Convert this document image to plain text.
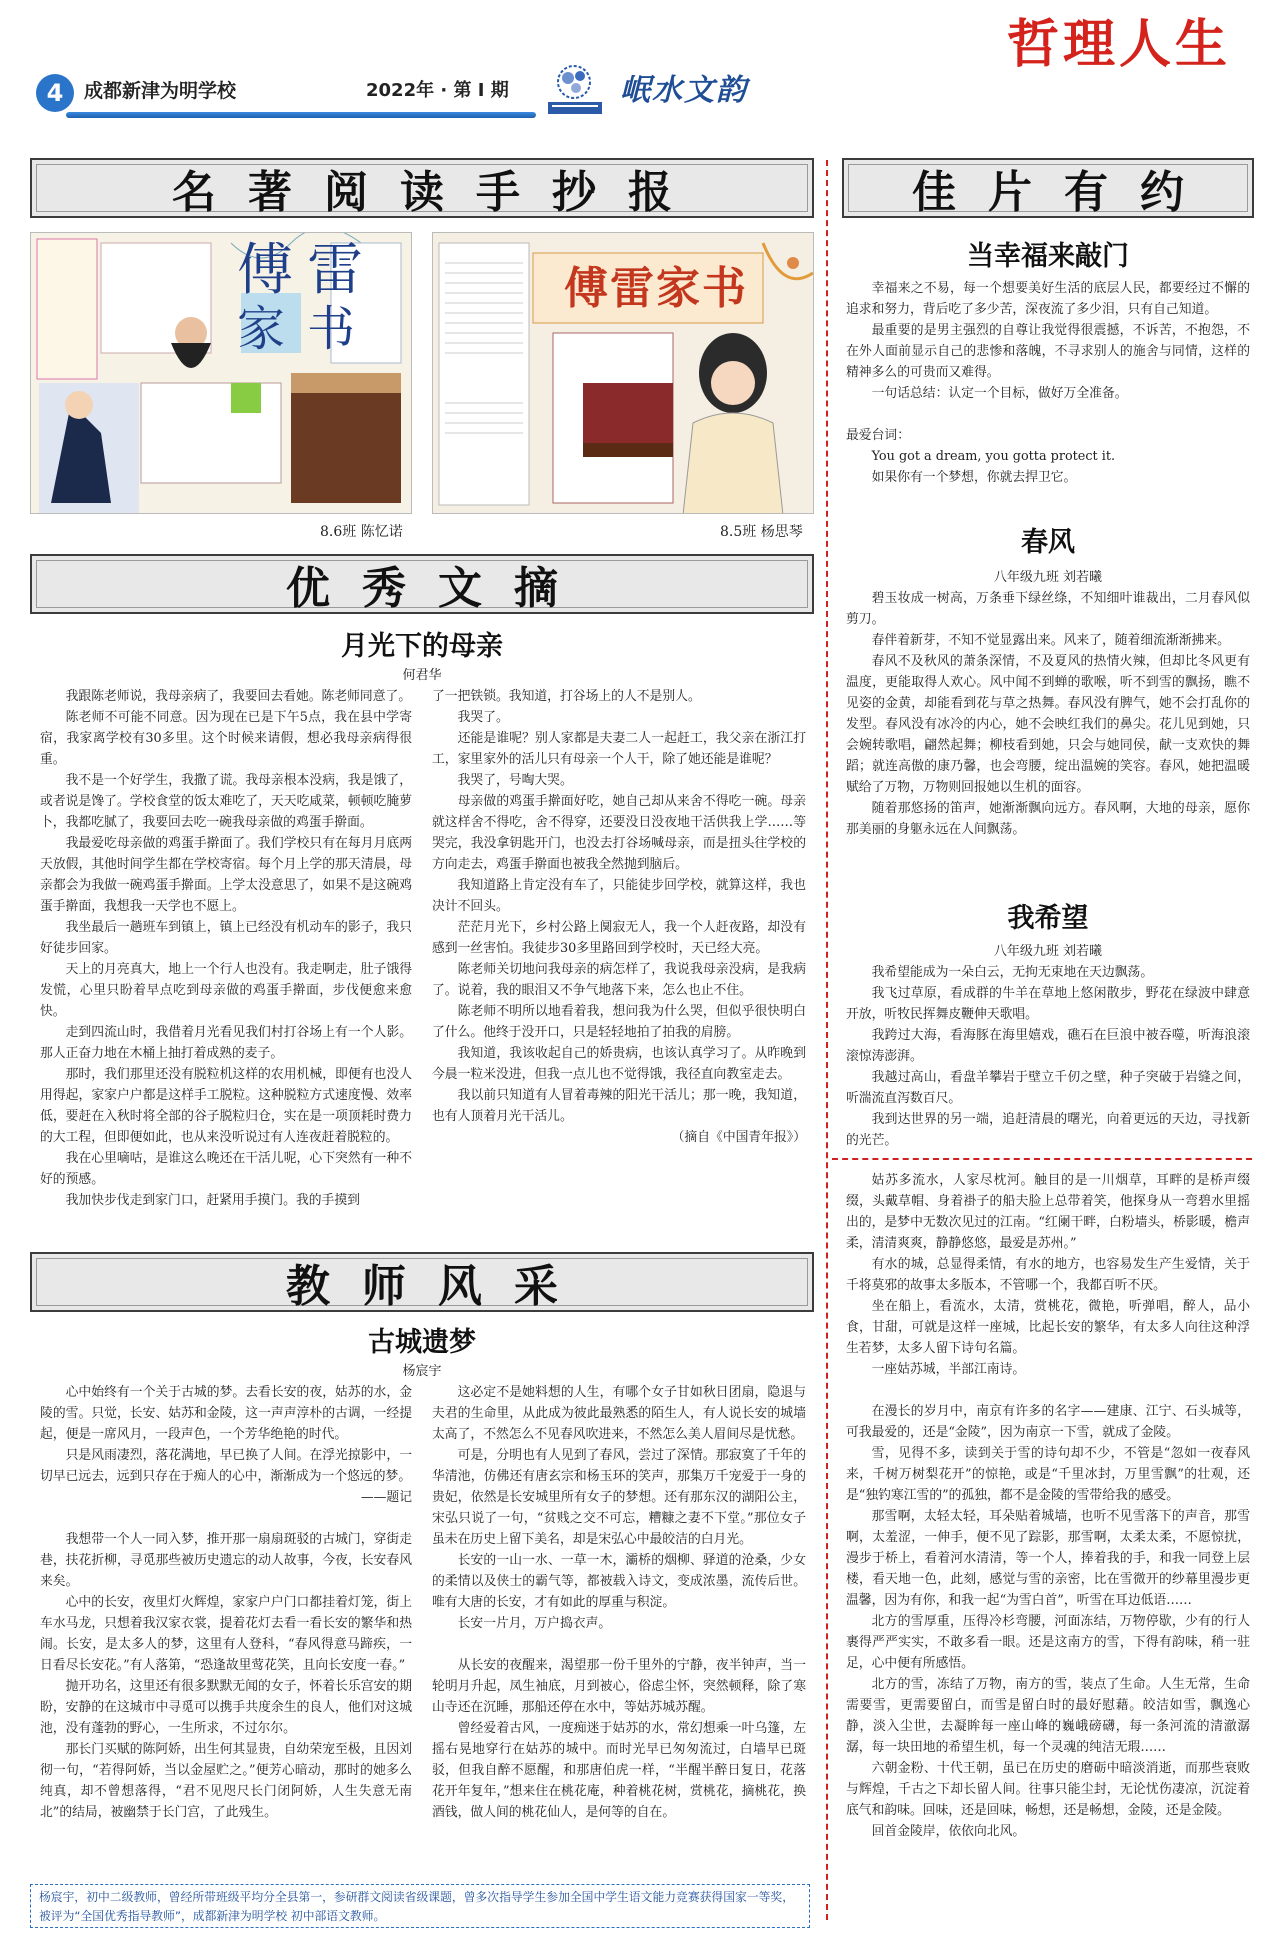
哲理人生
4	成都新津为明学校	2022年 · 第 Ⅰ 期	岷水文韵
名著阅读手抄报
傅 雷
家 书
8.6班 陈忆诺
傅雷家书
8.5班 杨思琴
优秀文摘
月光下的母亲
何君华

我跟陈老师说，我母亲病了，我要回去看她。陈老师同意了。

陈老师不可能不同意。因为现在已是下午5点，我在县中学寄宿，我家离学校有30多里。这个时候来请假，想必我母亲病得很重。

我不是一个好学生，我撒了谎。我母亲根本没病，我是饿了，或者说是馋了。学校食堂的饭太难吃了，天天吃咸菜，顿顿吃腌萝卜，我都吃腻了，我要回去吃一碗我母亲做的鸡蛋手擀面。

我最爱吃母亲做的鸡蛋手擀面了。我们学校只有在每月月底两天放假，其他时间学生都在学校寄宿。每个月上学的那天清晨，母亲都会为我做一碗鸡蛋手擀面。上学太没意思了，如果不是这碗鸡蛋手擀面，我想我一天学也不愿上。

我坐最后一趟班车到镇上，镇上已经没有机动车的影子，我只好徒步回家。

天上的月亮真大，地上一个行人也没有。我走啊走，肚子饿得发慌，心里只盼着早点吃到母亲做的鸡蛋手擀面，步伐便愈来愈快。

走到四流山时，我借着月光看见我们村打谷场上有一个人影。那人正奋力地在木桶上抽打着成熟的麦子。

那时，我们那里还没有脱粒机这样的农用机械，即便有也没人用得起，家家户户都是这样手工脱粒。这种脱粒方式速度慢、效率低，要赶在入秋时将全部的谷子脱粒归仓，实在是一项顶耗时费力的大工程，但即便如此，也从来没听说过有人连夜赶着脱粒的。

我在心里嘀咕，是谁这么晚还在干活儿呢，心下突然有一种不好的预感。

我加快步伐走到家门口，赶紧用手摸门。我的手摸到

了一把铁锁。我知道，打谷场上的人不是别人。

我哭了。

还能是谁呢？别人家都是夫妻二人一起赶工，我父亲在浙江打工，家里家外的活儿只有母亲一个人干，除了她还能是谁呢？

我哭了，号啕大哭。

母亲做的鸡蛋手擀面好吃，她自己却从来舍不得吃一碗。母亲就这样舍不得吃，舍不得穿，还要没日没夜地干活供我上学……等哭完，我没拿钥匙开门，也没去打谷场喊母亲，而是扭头往学校的方向走去，鸡蛋手擀面也被我全然抛到脑后。

我知道路上肯定没有车了，只能徒步回学校，就算这样，我也决计不回头。

茫茫月光下，乡村公路上阒寂无人，我一个人赶夜路，却没有感到一丝害怕。我徒步30多里路回到学校时，天已经大亮。

陈老师关切地问我母亲的病怎样了，我说我母亲没病，是我病了。说着，我的眼泪又不争气地落下来，怎么也止不住。

陈老师不明所以地看着我，想问我为什么哭，但似乎很快明白了什么。他终于没开口，只是轻轻地拍了拍我的肩膀。

我知道，我该收起自己的娇贵病，也该认真学习了。从昨晚到今晨一粒米没进，但我一点儿也不觉得饿，我径直向教室走去。

我以前只知道有人冒着毒辣的阳光干活儿；那一晚，我知道，也有人顶着月光干活儿。

（摘自《中国青年报》）

教师风采
古城遗梦
杨宸宇

心中始终有一个关于古城的梦。去看长安的夜，姑苏的水，金陵的雪。只觉，长安、姑苏和金陵，这一声声淳朴的古调，一经提起，便是一席风月，一段声色，一个芳华绝艳的时代。

只是风雨凄烈，落花满地，早已换了人间。在浮光掠影中，一切早已远去，远到只存在于痴人的心中，渐渐成为一个悠远的梦。

——题记

我想带一个人一同入梦，推开那一扇扇斑驳的古城门，穿街走巷，扶花折柳，寻觅那些被历史遗忘的动人故事，今夜，长安春风来矣。

心中的长安，夜里灯火辉煌，家家户户门口都挂着灯笼，街上车水马龙，只想着我汉家衣裳，提着花灯去看一看长安的繁华和热闹。长安，是太多人的梦，这里有人登科，“春风得意马蹄疾，一日看尽长安花。”有人落第，“恐逢故里莺花笑，且向长安度一春。”

抛开功名，这里还有很多默默无闻的女子，怀着长乐宫安的期盼，安静的在这城市中寻觅可以携手共度余生的良人，他们对这城池，没有蓬勃的野心，一生所求，不过尔尔。

那长门买赋的陈阿娇，出生何其显贵，自幼荣宠至极，且因刘彻一句，“若得阿娇，当以金屋贮之。”便芳心暗动，那时的她多么纯真，却不曾想落得，“君不见咫尺长门闭阿娇，人生失意无南北”的结局，被幽禁于长门宫，了此残生。

这必定不是她料想的人生，有哪个女子甘如秋日团扇，隐退与夫君的生命里，从此成为彼此最熟悉的陌生人，有人说长安的城墙太高了，不然怎么不见春风吹进来，不然怎么美人眉间尽是忧愁。

可是，分明也有人见到了春风，尝过了深情。那寂寞了千年的华清池，仿佛还有唐玄宗和杨玉环的笑声，那集万千宠爱于一身的贵妃，依然是长安城里所有女子的梦想。还有那东汉的湖阳公主，宋弘只说了一句，“贫贱之交不可忘，糟糠之妻不下堂。”那位女子虽未在历史上留下美名，却是宋弘心中最皎洁的白月光。

长安的一山一水、一草一木，灞桥的烟柳、驿道的沧桑，少女的柔情以及侠士的霸气等，都被载入诗文，变成浓墨，流传后世。唯有大唐的长安，才有如此的厚重与积淀。

长安一片月，万户捣衣声。

从长安的夜醒来，渴望那一份千里外的宁静，夜半钟声，当一轮明月升起，凤生袖底，月到被心，俗虑尘怀，突然顿释，除了寒山寺还在沉睡，那船还停在水中，等姑苏城苏醒。

曾经爱着古风，一度痴迷于姑苏的水，常幻想乘一叶乌篷，左摇右晃地穿行在姑苏的城中。而时光早已匆匆流过，白墙早已斑驳，但我自醉不愿醒，和那唐伯虎一样，“半醒半醉日复日，花落花开年复年，”想来住在桃花庵，种着桃花树，赏桃花，摘桃花，换酒钱，做人间的桃花仙人，是何等的自在。

杨宸宇，初中二级教师，曾经所带班级平均分全县第一，参研群文阅读省级课题，曾多次指导学生参加全国中学生语文能力竞赛获得国家一等奖，被评为“全国优秀指导教师”，成都新津为明学校 初中部语文教师。
佳片有约
当幸福来敲门

幸福来之不易，每一个想要美好生活的底层人民，都要经过不懈的追求和努力，背后吃了多少苦，深夜流了多少泪，只有自己知道。

最重要的是男主强烈的自尊让我觉得很震撼，不诉苦，不抱怨，不在外人面前显示自己的悲惨和落魄，不寻求别人的施舍与同情，这样的精神多么的可贵而又难得。

一句话总结：认定一个目标，做好万全准备。

最爱台词：

You got a dream, you gotta protect it.

如果你有一个梦想，你就去捍卫它。

春风
八年级九班 刘若曦

碧玉妆成一树高，万条垂下绿丝绦，不知细叶谁裁出，二月春风似剪刀。

春伴着新芽，不知不觉显露出来。风来了，随着细流渐渐拂来。

春风不及秋风的萧条深情，不及夏风的热情火辣，但却比冬风更有温度，更能取得人欢心。风中闻不到蝉的歌喉，听不到雪的飘扬，瞧不见姿的金黄，却能看到花与草之热舞。春风没有脾气，她不会打乱你的发型。春风没有冰冷的内心，她不会映红我们的鼻尖。花儿见到她，只会婉转歌唱，翩然起舞；柳枝看到她，只会与她同侯，献一支欢快的舞蹈；就连高傲的康乃馨，也会弯腰，绽出温婉的笑容。春风，她把温暖赋给了万物，万物则回报她以生机的面容。

随着那悠扬的笛声，她渐渐飘向远方。春风啊，大地的母亲，愿你那美丽的身躯永远在人间飘荡。

我希望
八年级九班 刘若曦

我希望能成为一朵白云，无拘无束地在天边飘荡。

我飞过草原，看成群的牛羊在草地上悠闲散步，野花在绿波中肆意开放，听牧民挥舞皮鞭伸天歌唱。

我跨过大海，看海豚在海里嬉戏，礁石在巨浪中被吞噬，听海浪滚滚惊涛澎湃。

我越过高山，看盘羊攀岩于壁立千仞之壁，种子突破于岩缝之间，听湍流直泻数百尺。

我到达世界的另一端，追赶清晨的曙光，向着更远的天边，寻找新的光芒。

姑苏多流水，人家尽枕河。触目的是一川烟草，耳畔的是桥声缀缀，头戴草帽、身着褂子的船夫脸上总带着笑，他探身从一弯碧水里摇出的，是梦中无数次见过的江南。“红阑干畔，白粉墙头，桥影暖，檐声柔，清清爽爽，静静悠悠，最爱是苏州。”

有水的城，总显得柔情，有水的地方，也容易发生产生爱情，关于千将莫邪的故事太多版本，不管哪一个，我都百听不厌。

坐在船上，看流水，太清，赏桃花，微艳，听弹唱，醉人，品小食，甘甜，可就是这样一座城，比起长安的繁华，有太多人向往这种浮生若梦，太多人留下诗句名篇。

一座姑苏城，半部江南诗。

在漫长的岁月中，南京有许多的名字——建康、江宁、石头城等，可我最爱的，还是“金陵”，因为南京一下雪，就成了金陵。

雪，见得不多，读到关于雪的诗句却不少，不管是“忽如一夜春风来，千树万树梨花开”的惊艳，或是“千里冰封，万里雪飘”的壮观，还是“独钓寒江雪的”的孤独，都不是金陵的雪带给我的感受。

那雪啊，太轻太轻，耳朵贴着城墙，也听不见雪落下的声音，那雪啊，太羞涩，一伸手，便不见了踪影，那雪啊，太柔太柔，不愿惊扰，漫步于桥上，看着河水清清，等一个人，捧着我的手，和我一同登上层楼，看天地一色，此刻，感觉与雪的亲密，比在雪微开的纱幕里漫步更温馨，因为有你，和我一起“为雪白首”，听雪在耳边低语……

北方的雪厚重，压得冷杉弯腰，河面冻结，万物停歇，少有的行人裹得严严实实，不敢多看一眼。还是这南方的雪，下得有韵味，稍一驻足，心中便有所感悟。

北方的雪，冻结了万物，南方的雪，装点了生命。人生无常，生命需要雪，更需要留白，而雪是留白时的最好慰藉。皎洁如雪，飘逸心静，淡入尘世，去凝眸每一座山峰的巍峨磅礴，每一条河流的清澈潺潺，每一块田地的希望生机，每一个灵魂的纯洁无瑕……

六朝金粉、十代王朝，虽已在历史的磨砺中暗淡消逝，而那些衰败与辉煌，千古之下却长留人间。往事只能尘封，无论忧伤凄凉，沉淀着底气和韵味。回味，还是回味，畅想，还是畅想，金陵，还是金陵。

回首金陵岸，依依向北风。
